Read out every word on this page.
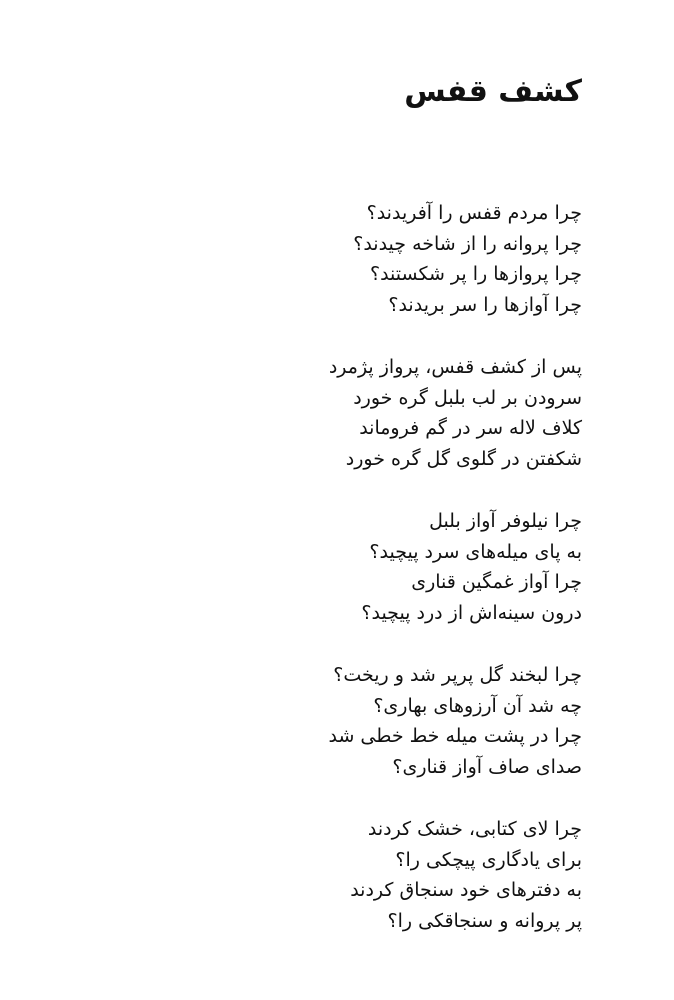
کشف قفس
چرا مردم قفس را آفریدند؟
چرا پروانه را از شاخه چیدند؟
چرا پروازها را پر شکستند؟
چرا آوازها را سر بریدند؟
پس از کشف قفس، پرواز پژمرد
سرودن بر لب بلبل گره خورد
کلاف لاله سر در گم فروماند
شکفتن در گلوی گل گره خورد
چرا نیلوفر آواز بلبل
به پای میله‌های سرد پیچید؟
چرا آواز غمگین قناری
درون سینه‌اش از درد پیچید؟
چرا لبخند گل پرپر شد و ریخت؟
چه شد آن آرزوهای بهاری؟
چرا در پشت میله خط خطی شد
صدای صاف آواز قناری؟
چرا لای کتابی، خشک کردند
برای یادگاری پیچکی را؟
به دفترهای خود سنجاق کردند
پر پروانه و سنجاقکی را؟
